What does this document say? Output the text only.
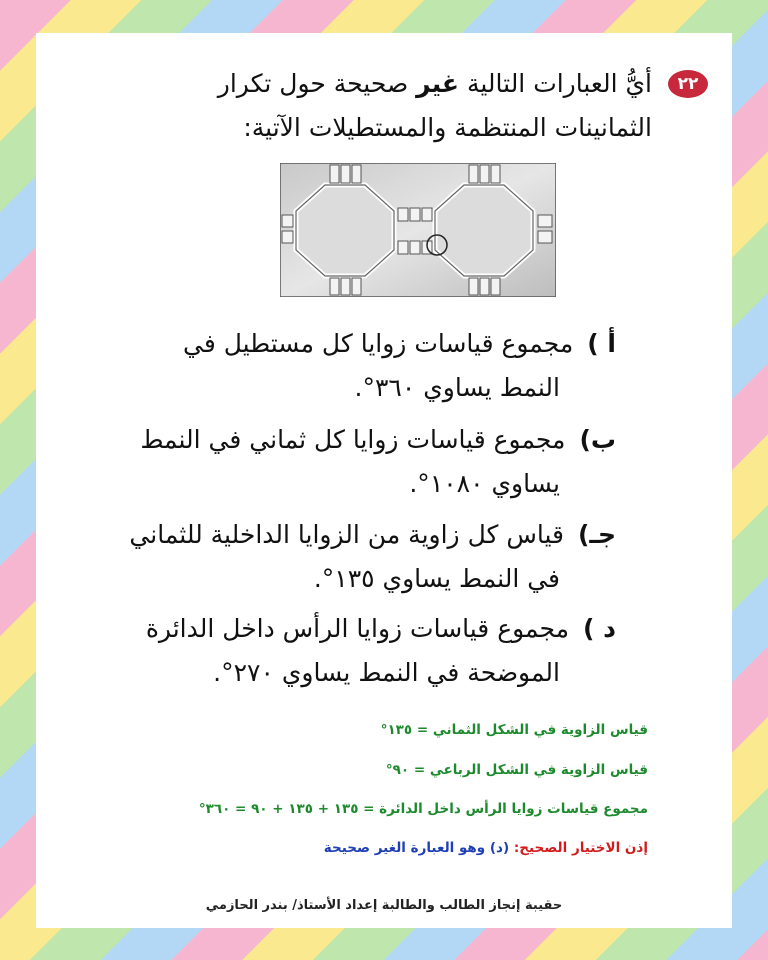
٢٢
أيُّ العبارات التالية غير صحيحة حول تكرار
الثمانينات المنتظمة والمستطيلات الآتية:
أ )مجموع قياسات زوايا كل مستطيل في
النمط يساوي ٣٦٠°.
ب)مجموع قياسات زوايا كل ثماني في النمط
يساوي ١٠٨٠°.
جـ)قياس كل زاوية من الزوايا الداخلية للثماني
في النمط يساوي ١٣٥°.
د )مجموع قياسات زوايا الرأس داخل الدائرة
الموضحة في النمط يساوي ٢٧٠°.
قياس الزاوية في الشكل الثماني = ١٣٥°
قياس الزاوية في الشكل الرباعي = ٩٠°
مجموع قياسات زوايا الرأس داخل الدائرة = ١٣٥ + ١٣٥ + ٩٠ = ٣٦٠°
إذن الاختيار الصحيح: (د) وهو العبارة الغير صحيحة
حقيبة إنجاز الطالب والطالبة إعداد الأستاذ/ بندر الحازمي
